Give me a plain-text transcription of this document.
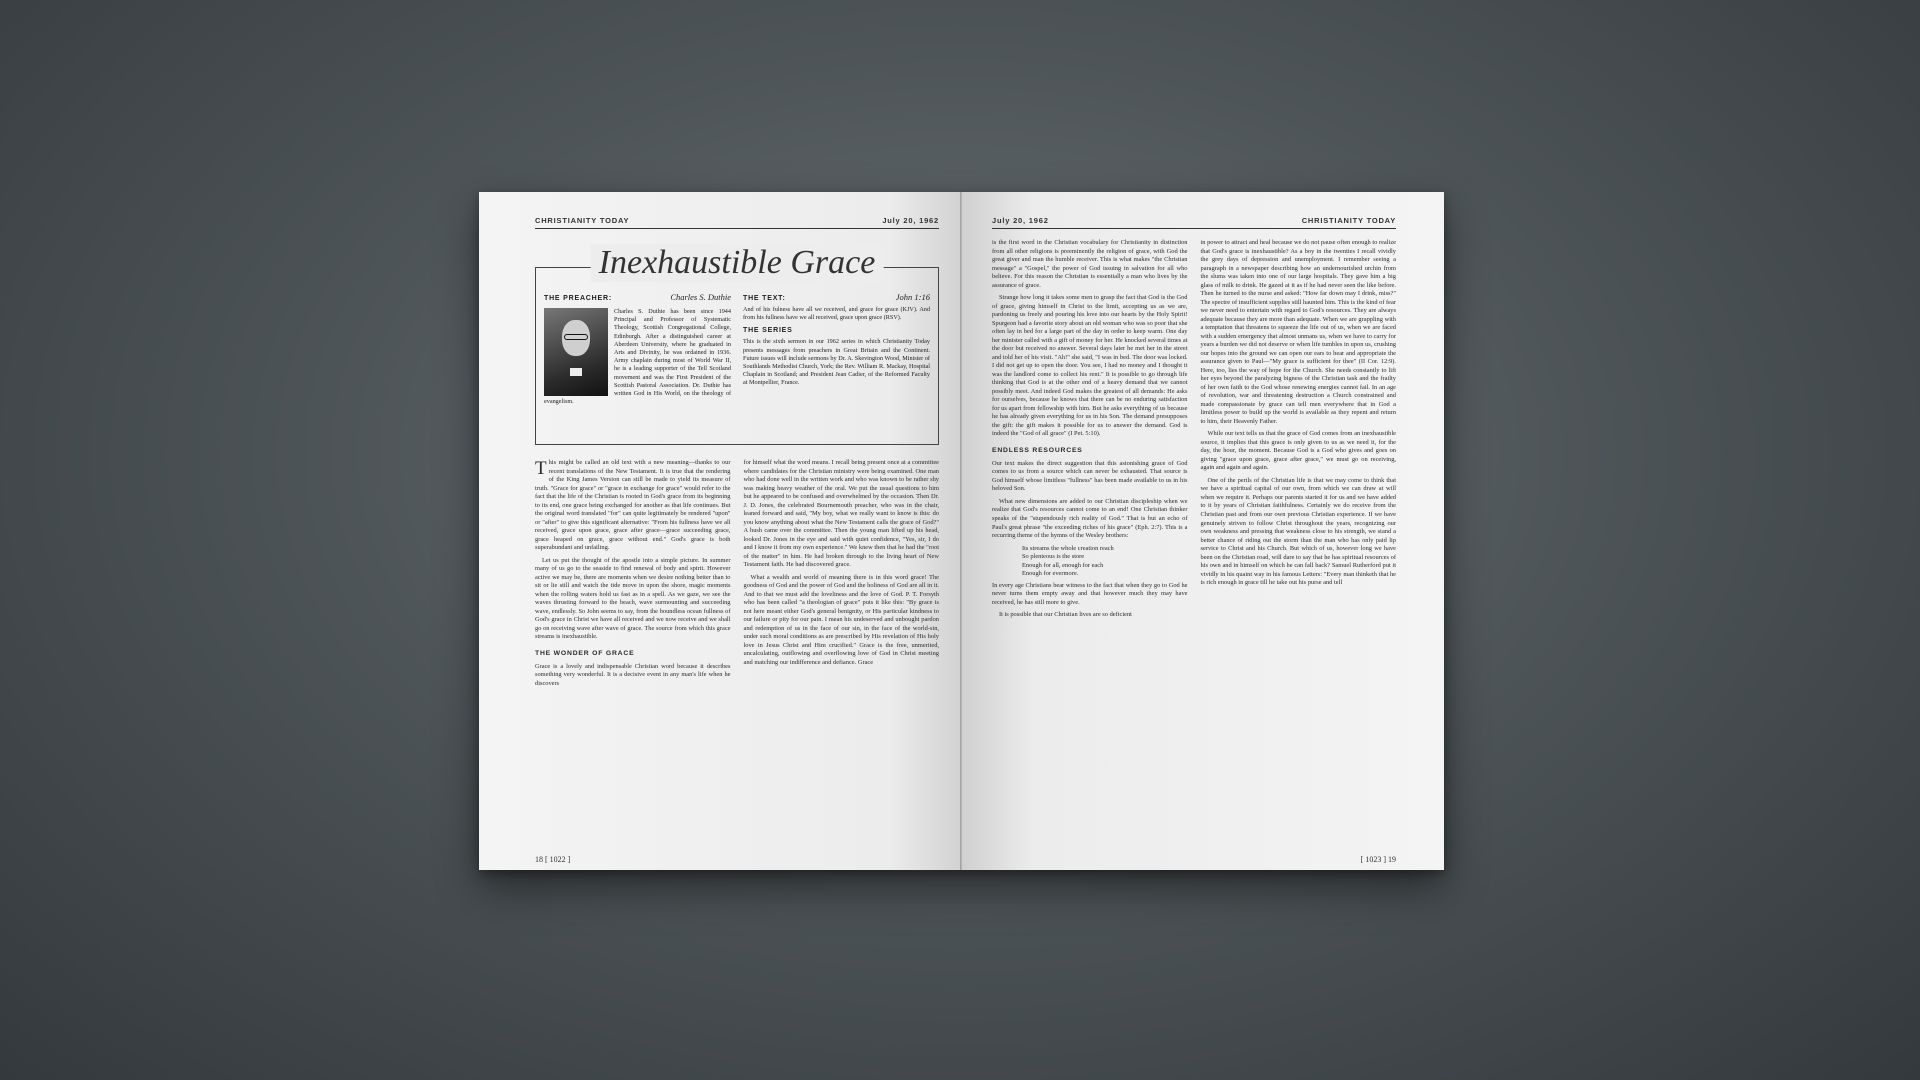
CHRISTIANITY TODAY	July 20, 1962
Inexhaustible Grace
THE PREACHER:	Charles S. Duthie
Charles S. Duthie has been since 1944 Principal and Professor of Systematic Theology, Scottish Congregational College, Edinburgh. After a distinguished career at Aberdeen University, where he graduated in Arts and Divinity, he was ordained in 1936. Army chaplain during most of World War II, he is a leading supporter of the Tell Scotland movement and was the First President of the Scottish Pastoral Association. Dr. Duthie has written God in His World, on the theology of evangelism.
THE TEXT:	John 1:16
And of his fulness have all we received, and grace for grace (KJV). And from his fullness have we all received, grace upon grace (RSV).
THE SERIES
This is the sixth sermon in our 1962 series in which Christianity Today presents messages from preachers in Great Britain and the Continent. Future issues will include sermons by Dr. A. Skevington Wood, Minister of Southlands Methodist Church, York; the Rev. William R. Mackay, Hospital Chaplain in Scotland; and President Jean Cadier, of the Reformed Faculty at Montpellier, France.

This might be called an old text with a new meaning—thanks to our recent translations of the New Testament. It is true that the rendering of the King James Version can still be made to yield its measure of truth. "Grace for grace" or "grace in exchange for grace" would refer to the fact that the life of the Christian is rooted in God's grace from its beginning to its end, one grace being exchanged for another as that life continues. But the original word translated "for" can quite legitimately be rendered "upon" or "after" to give this significant alternative: "From his fullness have we all received, grace upon grace, grace after grace—grace succeeding grace, grace heaped on grace, grace without end." God's grace is both superabundant and unfailing.

Let us put the thought of the apostle into a simple picture. In summer many of us go to the seaside to find renewal of body and spirit. However active we may be, there are moments when we desire nothing better than to sit or lie still and watch the tide move in upon the shore, magic moments when the rolling waters hold us fast as in a spell. As we gaze, we see the waves thrusting forward to the beach, wave surmounting and succeeding wave, endlessly. So John seems to say, from the boundless ocean fullness of God's grace in Christ we have all received and we now receive and we shall go on receiving wave after wave of grace. The source from which this grace streams is inexhaustible.

THE WONDER OF GRACE

Grace is a lovely and indispensable Christian word because it describes something very wonderful. It is a decisive event in any man's life when he discovers

for himself what the word means. I recall being present once at a committee where candidates for the Christian ministry were being examined. One man who had done well in the written work and who was known to be rather shy was making heavy weather of the oral. We put the usual questions to him but he appeared to be confused and overwhelmed by the occasion. Then Dr. J. D. Jones, the celebrated Bournemouth preacher, who was in the chair, leaned forward and said, "My boy, what we really want to know is this: do you know anything about what the New Testament calls the grace of God?" A hush came over the committee. Then the young man lifted up his head, looked Dr. Jones in the eye and said with quiet confidence, "Yes, sir, I do and I know it from my own experience." We knew then that he had the "root of the matter" in him. He had broken through to the living heart of New Testament faith. He had discovered grace.

What a wealth and world of meaning there is in this word grace! The goodness of God and the power of God and the holiness of God are all in it. And to that we must add the loveliness and the love of God. P. T. Forsyth who has been called "a theologian of grace" puts it like this: "By grace is not here meant either God's general benignity, or His particular kindness to our failure or pity for our pain. I mean his undeserved and unbought pardon and redemption of us in the face of our sin, in the face of the world-sin, under such moral conditions as are prescribed by His revelation of His holy love in Jesus Christ and Him crucified." Grace is the free, unmerited, uncalculating, outflowing and overflowing love of God in Christ meeting and matching our indifference and defiance. Grace

18 [ 1022 ]
July 20, 1962	CHRISTIANITY TODAY

is the first word in the Christian vocabulary for Christianity in distinction from all other religions is preeminently the religion of grace, with God the great giver and man the humble receiver. This is what makes "the Christian message" a "Gospel," the power of God issuing in salvation for all who believe. For this reason the Christian is essentially a man who lives by the assurance of grace.

Strange how long it takes some men to grasp the fact that God is the God of grace, giving himself in Christ to the limit, accepting us as we are, pardoning us freely and pouring his love into our hearts by the Holy Spirit! Spurgeon had a favorite story about an old woman who was so poor that she often lay in bed for a large part of the day in order to keep warm. One day her minister called with a gift of money for her. He knocked several times at the door but received no answer. Several days later he met her in the street and told her of his visit. "Ah!" she said, "I was in bed. The door was locked. I did not get up to open the door. You see, I had no money and I thought it was the landlord come to collect his rent." It is possible to go through life thinking that God is at the other end of a heavy demand that we cannot possibly meet. And indeed God makes the greatest of all demands: He asks for ourselves, because he knows that there can be no enduring satisfaction for us apart from fellowship with him. But he asks everything of us because he has already given everything for us in his Son. The demand presupposes the gift: the gift makes it possible for us to answer the demand. God is indeed the "God of all grace" (I Pet. 5:10).

ENDLESS RESOURCES

Our text makes the direct suggestion that this astonishing grace of God comes to us from a source which can never be exhausted. That source is God himself whose limitless "fullness" has been made available to us in his beloved Son.

What new dimensions are added to our Christian discipleship when we realize that God's resources cannot come to an end! One Christian thinker speaks of the "stupendously rich reality of God." That is but an echo of Paul's great phrase "the exceeding riches of his grace" (Eph. 2:7). This is a recurring theme of the hymns of the Wesley brothers:

Its streams the whole creation reach
So plenteous is the store
Enough for all, enough for each
Enough for evermore.

In every age Christians bear witness to the fact that when they go to God he never turns them empty away and that however much they may have received, he has still more to give.

It is possible that our Christian lives are so deficient

in power to attract and heal because we do not pause often enough to realize that God's grace is inexhaustible? As a boy in the twenties I recall vividly the grey days of depression and unemployment. I remember seeing a paragraph in a newspaper describing how an undernourished urchin from the slums was taken into one of our large hospitals. They gave him a big glass of milk to drink. He gazed at it as if he had never seen the like before. Then he turned to the nurse and asked: "How far down may I drink, miss?" The spectre of insufficient supplies still haunted him. This is the kind of fear we never need to entertain with regard to God's resources. They are always adequate because they are more than adequate. When we are grappling with a temptation that threatens to squeeze the life out of us, when we are faced with a sudden emergency that almost unmans us, when we have to carry for years a burden we did not deserve or when life tumbles in upon us, crushing our hopes into the ground we can open our ears to hear and appropriate the assurance given to Paul—"My grace is sufficient for thee" (II Cor. 12:9). Here, too, lies the way of hope for the Church. She needs constantly to lift her eyes beyond the paralyzing bigness of the Christian task and the frailty of her own faith to the God whose renewing energies cannot fail. In an age of revolution, war and threatening destruction a Church constrained and made compassionate by grace can tell men everywhere that in God a limitless power to build up the world is available as they repent and return to him, their Heavenly Father.

While our text tells us that the grace of God comes from an inexhaustible source, it implies that this grace is only given to us as we need it, for the day, the hour, the moment. Because God is a God who gives and goes on giving "grace upon grace, grace after grace," we must go on receiving, again and again and again.

One of the perils of the Christian life is that we may come to think that we have a spiritual capital of our own, from which we can draw at will when we require it. Perhaps our parents started it for us and we have added to it by years of Christian faithfulness. Certainly we do receive from the Christian past and from our own previous Christian experience. If we have genuinely striven to follow Christ throughout the years, recognizing our own weakness and pressing that weakness close to his strength, we stand a better chance of riding out the storm than the man who has only paid lip service to Christ and his Church. But which of us, however long we have been on the Christian road, will dare to say that he has spiritual resources of his own and in himself on which he can fall back? Samuel Rutherford put it vividly in his quaint way in his famous Letters: "Every man thinketh that he is rich enough in grace till he take out his purse and tell

[ 1023 ] 19
